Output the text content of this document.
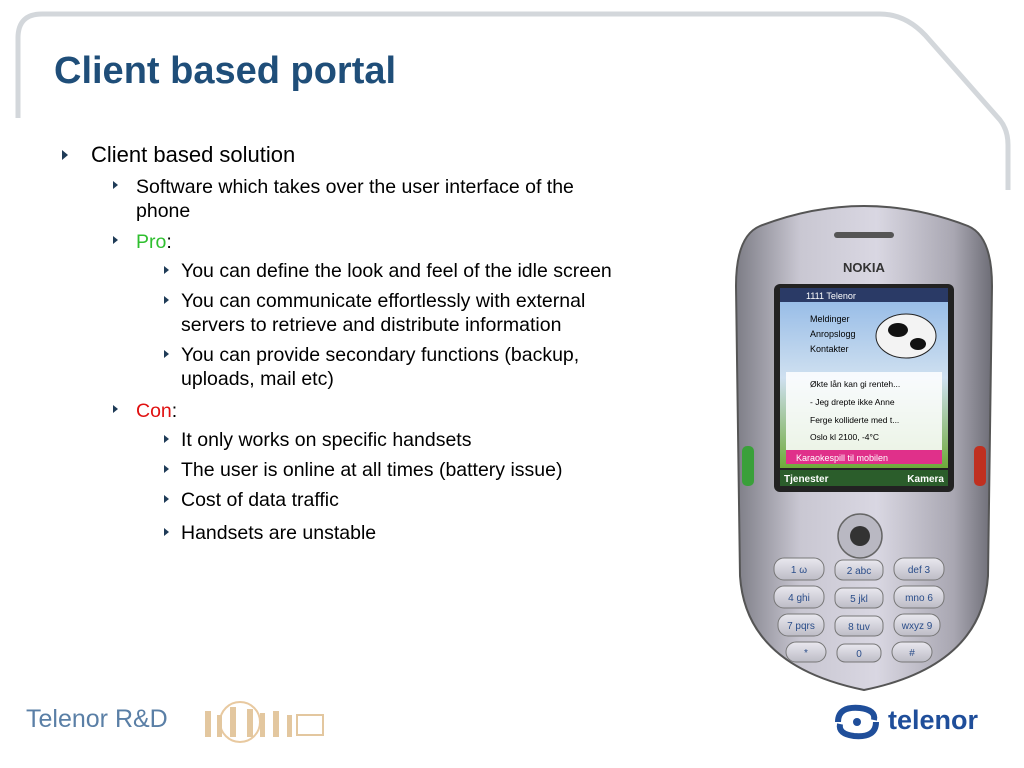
Client based portal
Client based solution
Software which takes over the user interface of the
phone
Pro:
You can define the look and feel of the idle screen
You can communicate effortlessly with external
servers to retrieve and distribute information
You can provide secondary functions (backup,
uploads, mail etc)
Con:
It only works on specific handsets
The user is online at all times (battery issue)
Cost of data traffic
Handsets are unstable
NOKIA
1111 Telenor
Meldinger
Anropslogg
Kontakter
Økte lån kan gi renteh...
- Jeg drepte ikke Anne
Ferge kolliderte med t...
Oslo kl 2100, -4°C
Karaokespill til mobilen
Tjenester	Kamera
1 ω	2 abc	def 3
4 ghi	5 jkl	mno 6
7 pqrs	8 tuv	wxyz 9
*	0	#
Telenor R&D	telenor
